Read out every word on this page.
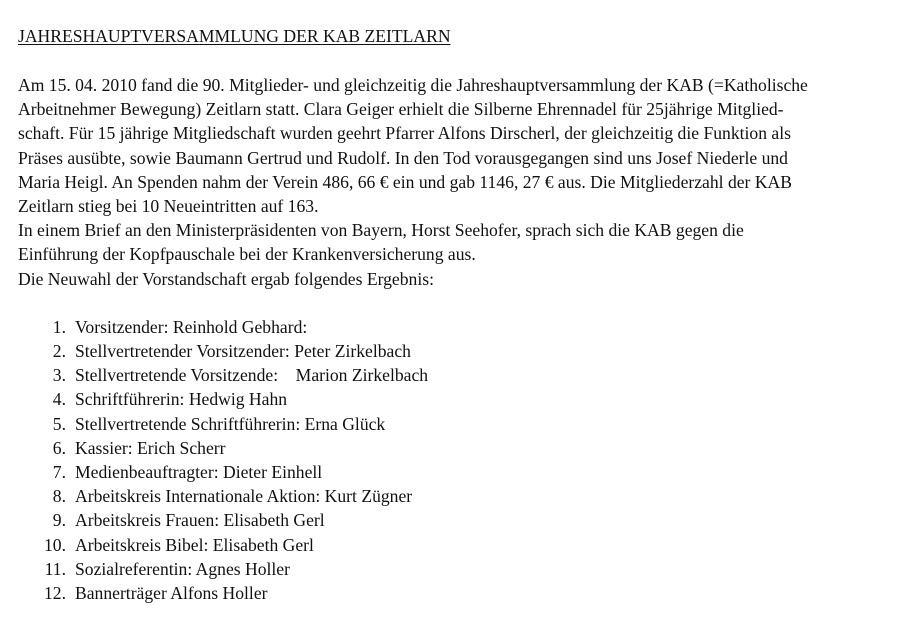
JAHRESHAUPTVERSAMMLUNG DER KAB ZEITLARN

Am 15. 04. 2010 fand die 90. Mitglieder- und gleichzeitig die Jahreshauptversammlung der KAB (=Katholische
Arbeitnehmer Bewegung) Zeitlarn statt. Clara Geiger erhielt die Silberne Ehrennadel für 25jährige Mitglied-
schaft. Für 15 jährige Mitgliedschaft wurden geehrt Pfarrer Alfons Dirscherl, der gleichzeitig die Funktion als
Präses ausübte, sowie Baumann Gertrud und Rudolf. In den Tod vorausgegangen sind uns Josef Niederle und
Maria Heigl. An Spenden nahm der Verein 486, 66 € ein und gab 1146, 27 € aus. Die Mitgliederzahl der KAB
Zeitlarn stieg bei 10 Neueintritten auf 163.

In einem Brief an den Ministerpräsidenten von Bayern, Horst Seehofer, sprach sich die KAB gegen die
Einführung der Kopfpauschale bei der Krankenversicherung aus.

Die Neuwahl der Vorstandschaft ergab folgendes Ergebnis:

1. Vorsitzender: Reinhold Gebhard:
2. Stellvertretender Vorsitzender: Peter Zirkelbach
3. Stellvertretende Vorsitzende:    Marion Zirkelbach
4. Schriftführerin: Hedwig Hahn
5. Stellvertretende Schriftführerin: Erna Glück
6. Kassier: Erich Scherr
7. Medienbeauftragter: Dieter Einhell
8. Arbeitskreis Internationale Aktion: Kurt Zügner
9. Arbeitskreis Frauen: Elisabeth Gerl
10. Arbeitskreis Bibel: Elisabeth Gerl
11. Sozialreferentin: Agnes Holler
12. Bannerträger Alfons Holler
